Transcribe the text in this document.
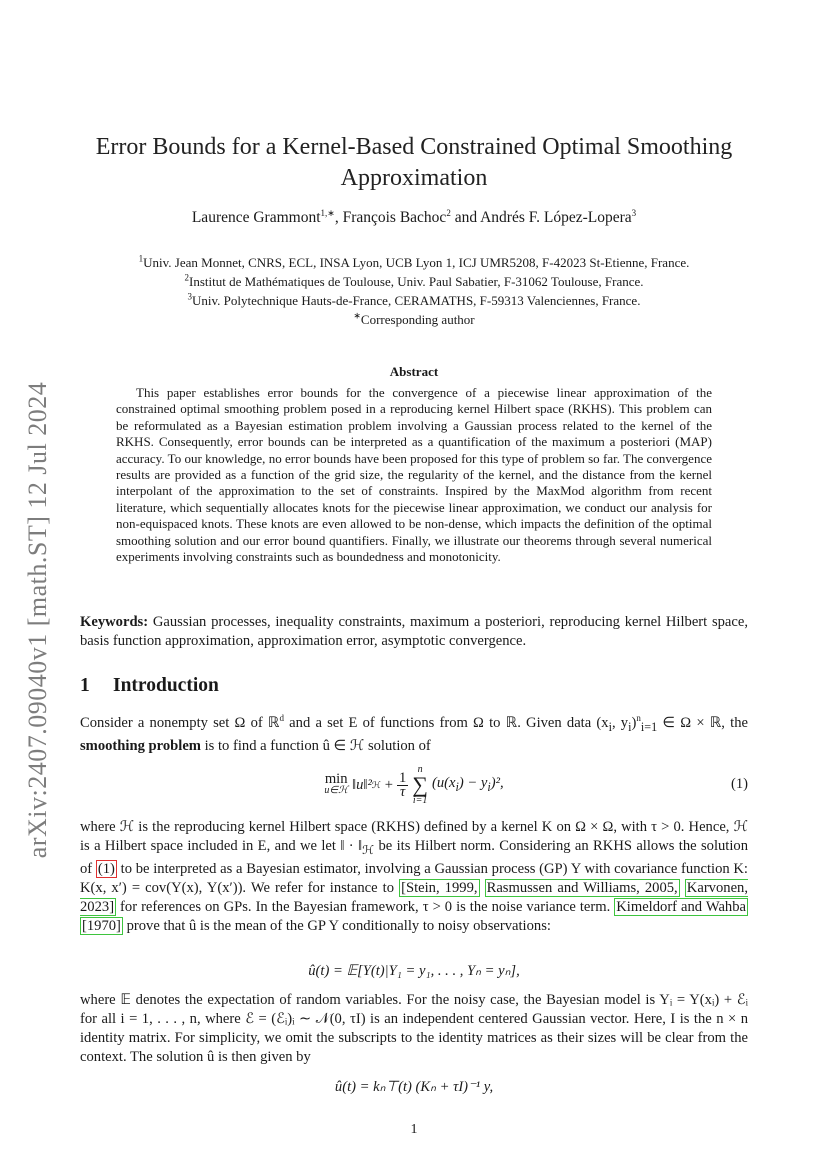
arXiv:2407.09040v1 [math.ST] 12 Jul 2024
Error Bounds for a Kernel-Based Constrained Optimal Smoothing
Approximation
Laurence Grammont$^{1,∗}$, François Bachoc$^2$ and Andrés F. López-Lopera$^3$
$^1$Univ. Jean Monnet, CNRS, ECL, INSA Lyon, UCB Lyon 1, ICJ UMR5208, F-42023 St-Etienne, France.
$^2$Institut de Mathématiques de Toulouse, Univ. Paul Sabatier, F-31062 Toulouse, France.
$^3$Univ. Polytechnique Hauts-de-France, CERAMATHS, F-59313 Valenciennes, France.
∗Corresponding author
Abstract
This paper establishes error bounds for the convergence of a piecewise linear approximation of the constrained optimal smoothing problem posed in a reproducing kernel Hilbert space (RKHS). This problem can be reformulated as a Bayesian estimation problem involving a Gaussian process related to the kernel of the RKHS. Consequently, error bounds can be interpreted as a quantification of the maximum a posteriori (MAP) accuracy. To our knowledge, no error bounds have been proposed for this type of problem so far. The convergence results are provided as a function of the grid size, the regularity of the kernel, and the distance from the kernel interpolant of the approximation to the set of constraints. Inspired by the MaxMod algorithm from recent literature, which sequentially allocates knots for the piecewise linear approximation, we conduct our analysis for non-equispaced knots. These knots are even allowed to be non-dense, which impacts the definition of the optimal smoothing solution and our error bound quantifiers. Finally, we illustrate our theorems through several numerical experiments involving constraints such as boundedness and monotonicity.
Keywords: Gaussian processes, inequality constraints, maximum a posteriori, reproducing kernel Hilbert space, basis function approximation, approximation error, asymptotic convergence.
1 Introduction
Consider a nonempty set Ω of ℝ$^d$ and a set E of functions from Ω to ℝ. Given data ($x_i$, $y_i)^n_{i=1}$ ∈ Ω × ℝ, the smoothing problem is to find a function û ∈ ℋ solution of
min
u∈ℋ ‖u‖² ℋ + $\frac{1}{\tau}$
n
∑
i=1
$(u(x_i) - y_i)^2$,	(1)
where ℋ is the reproducing kernel Hilbert space (RKHS) defined by a kernel K on Ω × Ω, with τ > 0. Hence, ℋ is a Hilbert space included in E, and we let ‖ · $‖_ℋ$ be its Hilbert norm. Considering an RKHS allows the solution of (1) to be interpreted as a Bayesian estimator, involving a Gaussian process (GP) Y with covariance function K: K(x, x′) = cov(Y(x), Y(x′)). We refer for instance to [Stein, 1999, Rasmussen and Williams, 2005, Karvonen, 2023] for references on GPs. In the Bayesian framework, τ > 0 is the noise variance term. Kimeldorf and Wahba [1970] prove that û is the mean of the GP Y conditionally to noisy observations:
û(t) = 𝔼[Y(t)|Y₁ = y₁, . . . , Yₙ = yₙ],
where 𝔼 denotes the expectation of random variables. For the noisy case, the Bayesian model is Yᵢ = Y(xᵢ) + ℰᵢ for all i = 1, . . . , n, where ℰ = (ℰᵢ)ᵢ ∼ 𝒩(0, τI) is an independent centered Gaussian vector. Here, I is the n × n identity matrix. For simplicity, we omit the subscripts to the identity matrices as their sizes will be clear from the context. The solution û is then given by
û(t) = kₙ⊤(t) (Kₙ + τI)⁻¹ y,
1
